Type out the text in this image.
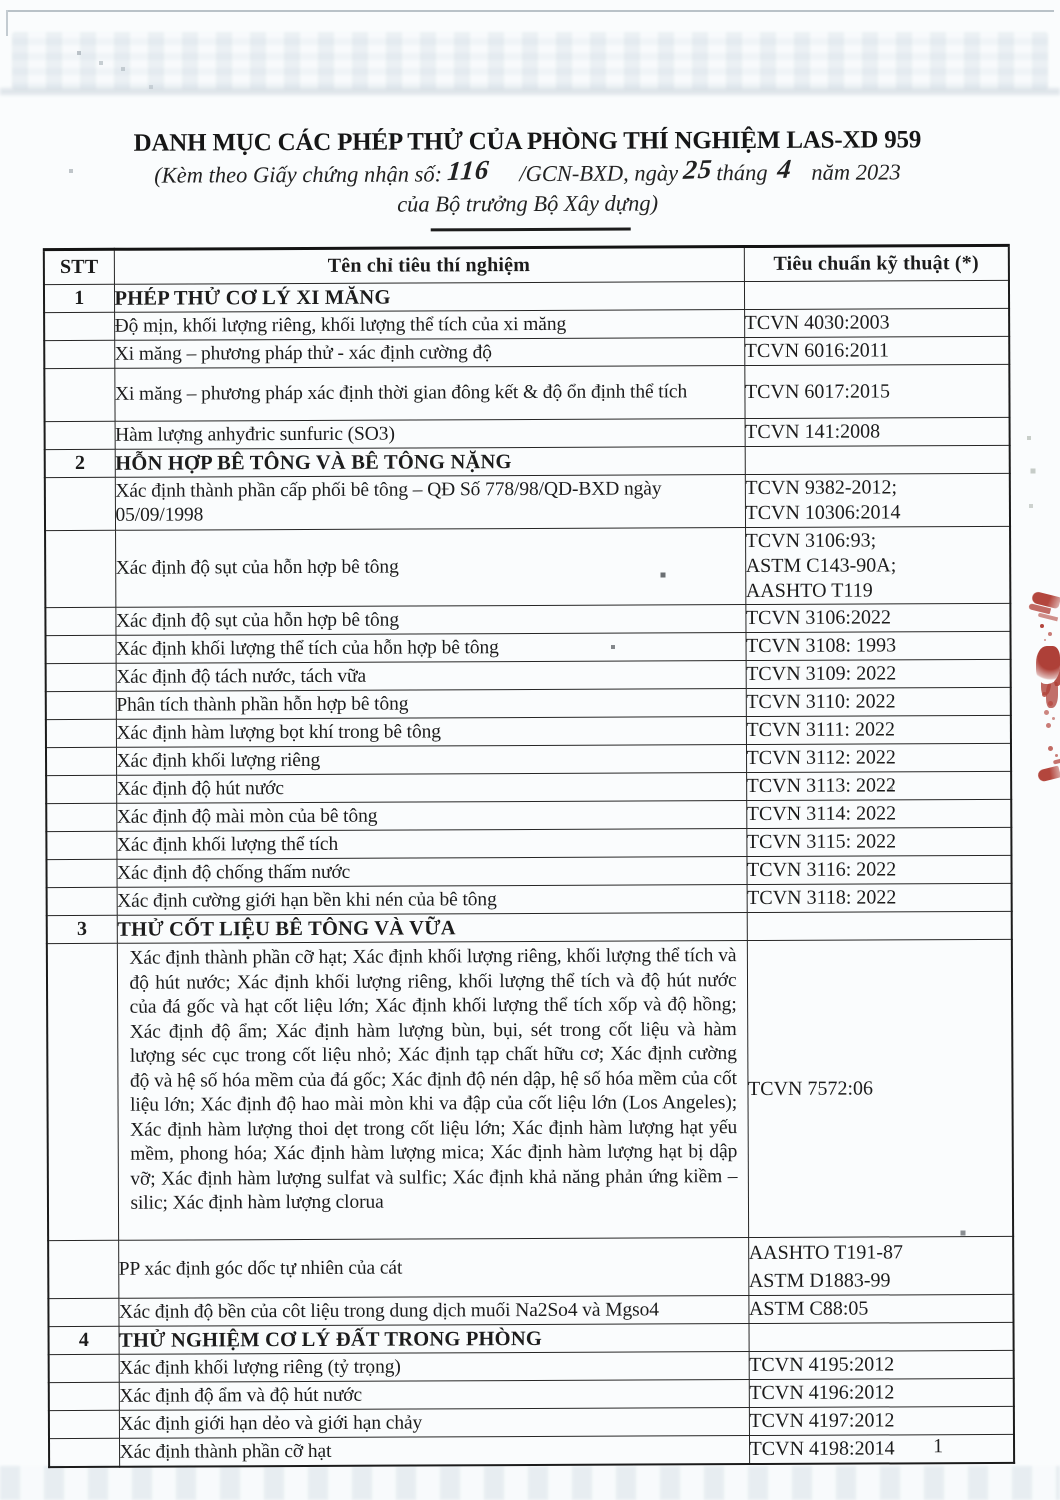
DANH MỤC CÁC PHÉP THỬ CỦA PHÒNG THÍ NGHIỆM LAS-XD 959
(Kèm theo Giấy chứng nhận số: 116 /GCN-BXD, ngày 25 tháng 4 năm 2023
của Bộ trưởng Bộ Xây dựng)
STT	Tên chỉ tiêu thí nghiệm	Tiêu chuẩn kỹ thuật (*)
1	PHÉP THỬ CƠ LÝ XI MĂNG	
	Độ mịn, khối lượng riêng, khối lượng thể tích của xi măng	TCVN 4030:2003
	Xi măng – phương pháp thử - xác định cường độ	TCVN 6016:2011
	Xi măng – phương pháp xác định thời gian đông kết & độ ổn định thể tích	TCVN 6017:2015
	Hàm lượng anhyđric sunfuric (SO3)	TCVN 141:2008
2	HỖN HỢP BÊ TÔNG VÀ BÊ TÔNG NẶNG	
	Xác định thành phần cấp phối bê tông – QĐ Số 778/98/QD-BXD ngày 05/09/1998	TCVN 9382-2012;
TCVN 10306:2014
	Xác định độ sụt của hỗn hợp bê tông	TCVN 3106:93;
ASTM C143-90A;
AASHTO T119
	Xác định độ sụt của hỗn hợp bê tông	TCVN 3106:2022
	Xác định khối lượng thể tích của hỗn hợp bê tông	TCVN 3108: 1993
	Xác định độ tách nước, tách vữa	TCVN 3109: 2022
	Phân tích thành phần hỗn hợp bê tông	TCVN 3110: 2022
	Xác định hàm lượng bọt khí trong bê tông	TCVN 3111: 2022
	Xác định khối lượng riêng	TCVN 3112: 2022
	Xác định độ hút nước	TCVN 3113: 2022
	Xác định độ mài mòn của bê tông	TCVN 3114: 2022
	Xác định khối lượng thể tích	TCVN 3115: 2022
	Xác định độ chống thấm nước	TCVN 3116: 2022
	Xác định cường giới hạn bền khi nén của bê tông	TCVN 3118: 2022
3	THỬ CỐT LIỆU BÊ TÔNG VÀ VỮA	
	Xác định thành phần cỡ hạt; Xác định khối lượng riêng, khối lượng thể tích và độ hút nước; Xác định khối lượng riêng, khối lượng thể tích và độ hút nước của đá gốc và hạt cốt liệu lớn; Xác định khối lượng thể tích xốp và độ hồng; Xác định độ ẩm; Xác định hàm lượng bùn, bụi, sét trong cốt liệu và hàm lượng séc cục trong cốt liệu nhỏ; Xác định tạp chất hữu cơ; Xác định cường độ và hệ số hóa mềm của đá gốc; Xác định độ nén dập, hệ số hóa mềm của cốt liệu lớn; Xác định độ hao mài mòn khi va đập của cốt liệu lớn (Los Angeles); Xác định hàm lượng thoi dẹt trong cốt liệu lớn; Xác định hàm lượng hạt yếu mềm, phong hóa; Xác định hàm lượng mica; Xác định hàm lượng hạt bị dập vỡ; Xác định hàm lượng sulfat và sulfic; Xác định khả năng phản ứng kiềm – silic; Xác định hàm lượng clorua	TCVN 7572:06
	PP xác định góc dốc tự nhiên của cát	AASHTO T191-87
ASTM D1883-99
	Xác định độ bền của côt liệu trong dung dịch muối Na2So4 và Mgso4	ASTM C88:05
4	THỬ NGHIỆM CƠ LÝ ĐẤT TRONG PHÒNG	
	Xác định khối lượng riêng (tỷ trọng)	TCVN 4195:2012
	Xác định độ ẩm và độ hút nước	TCVN 4196:2012
	Xác định giới hạn dẻo và giới hạn chảy	TCVN 4197:2012
	Xác định thành phần cỡ hạt	TCVN 4198:2014 1
